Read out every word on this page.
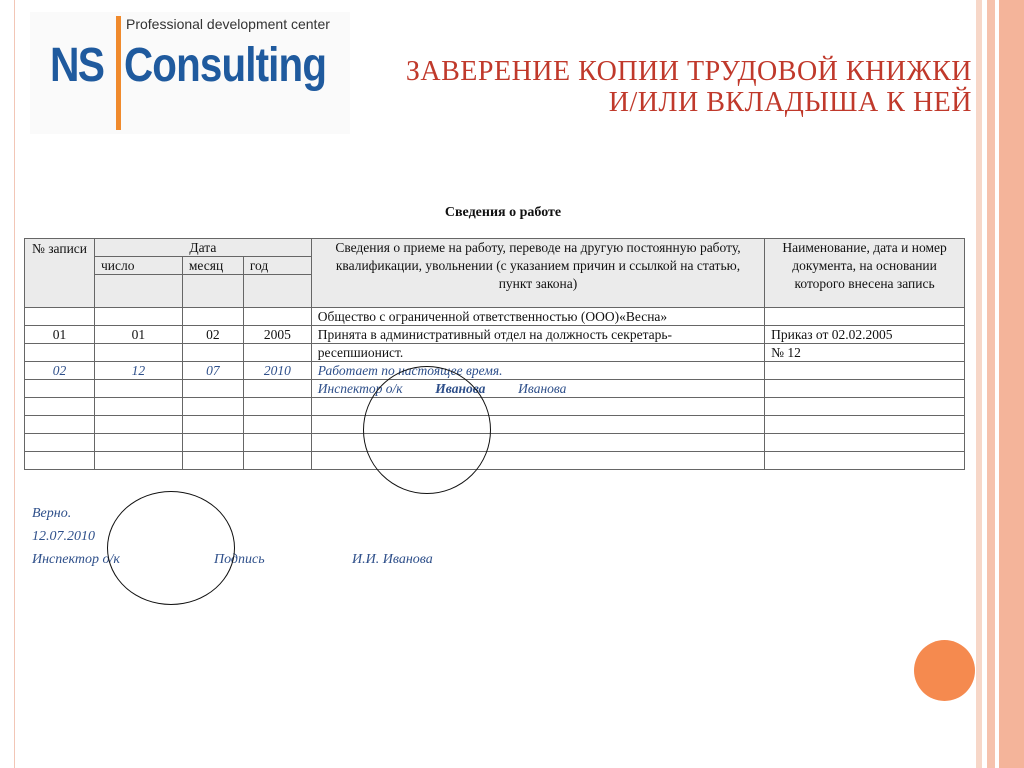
Professional development center
NS Consulting	ЗАВЕРЕНИЕ КОПИИ ТРУДОВОЙ КНИЖКИ
И/ИЛИ ВКЛАДЫША К НЕЙ
Сведения о работе
№ записи	Дата			Сведения о приеме на работу, переводе на другую постоянную работу, квалификации, увольнении (с указанием причин и ссылкой на статью, пункт закона)	Наименование, дата и номер документа, на основании которого внесена запись
	число	месяц	год		

				Общество с ограниченной ответственностью (ООО)«Весна»	
01	01	02	2005	Принята в административный отдел на должность секретарь-	Приказ от 02.02.2005
				ресепшионист.	№ 12
02	12	07	2010	Работает по настоящее время.	
				Инспектор о/к Иванова Иванова	

Верно.
12.07.2010
Инспектор о/к	Подпись	И.И. Иванова
